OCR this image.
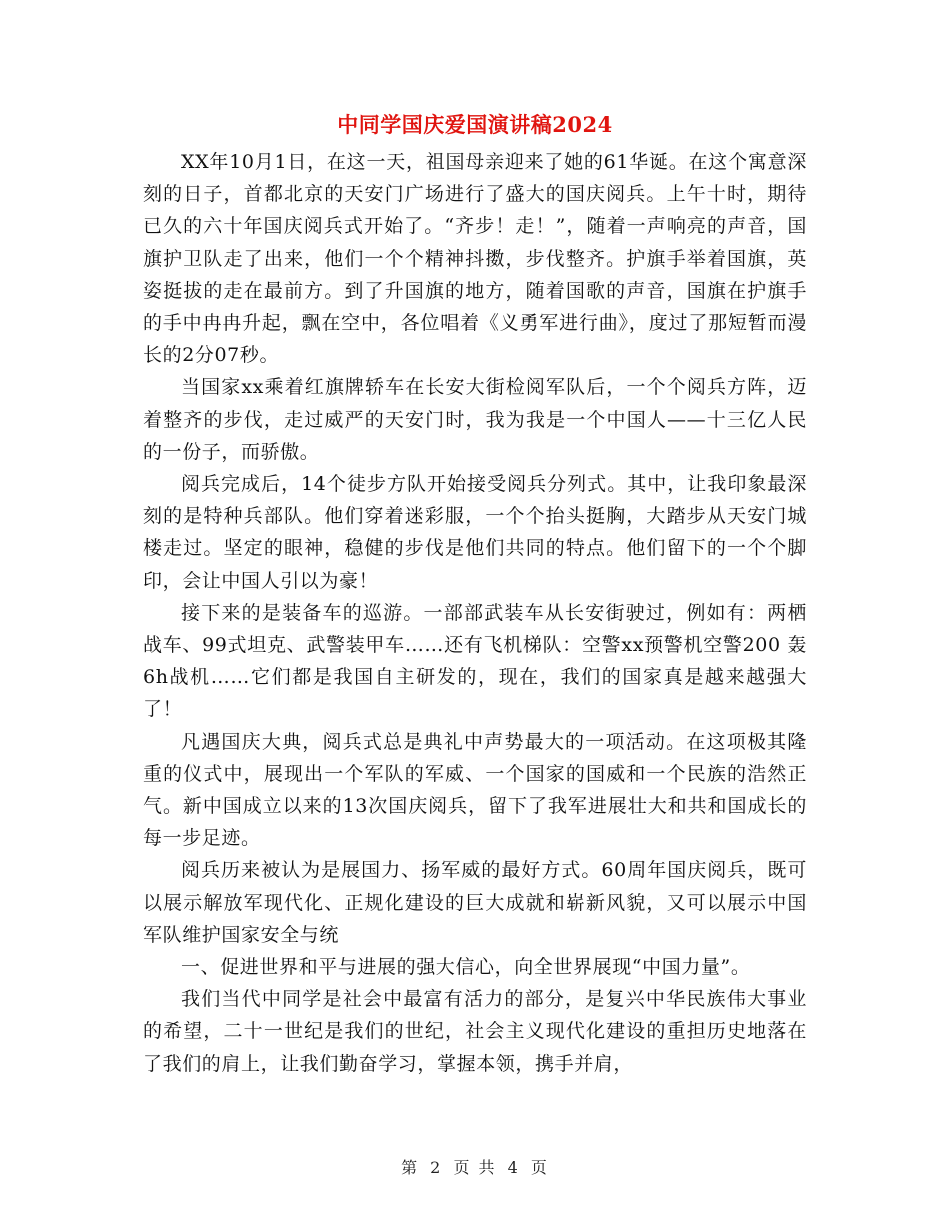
中同学国庆爱国演讲稿2024

XX年10月1日，在这一天，祖国母亲迎来了她的61华诞。在这个寓意深刻的日子，首都北京的天安门广场进行了盛大的国庆阅兵。上午十时，期待已久的六十年国庆阅兵式开始了。“齐步！走！”，随着一声响亮的声音，国旗护卫队走了出来，他们一个个精神抖擞，步伐整齐。护旗手举着国旗，英姿挺拔的走在最前方。到了升国旗的地方，随着国歌的声音，国旗在护旗手的手中冉冉升起，飘在空中，各位唱着《义勇军进行曲》，度过了那短暂而漫长的2分07秒。

当国家xx乘着红旗牌轿车在长安大街检阅军队后，一个个阅兵方阵，迈着整齐的步伐，走过威严的天安门时，我为我是一个中国人——十三亿人民的一份子，而骄傲。

阅兵完成后，14个徒步方队开始接受阅兵分列式。其中，让我印象最深刻的是特种兵部队。他们穿着迷彩服，一个个抬头挺胸，大踏步从天安门城楼走过。坚定的眼神，稳健的步伐是他们共同的特点。他们留下的一个个脚印，会让中国人引以为豪！

接下来的是装备车的巡游。一部部武装车从长安街驶过，例如有：两栖战车、99式坦克、武警装甲车……还有飞机梯队：空警xx预警机空警200 轰6h战机……它们都是我国自主研发的，现在，我们的国家真是越来越强大了！

凡遇国庆大典，阅兵式总是典礼中声势最大的一项活动。在这项极其隆重的仪式中，展现出一个军队的军威、一个国家的国威和一个民族的浩然正气。新中国成立以来的13次国庆阅兵，留下了我军进展壮大和共和国成长的每一步足迹。

阅兵历来被认为是展国力、扬军威的最好方式。60周年国庆阅兵，既可以展示解放军现代化、正规化建设的巨大成就和崭新风貌，又可以展示中国军队维护国家安全与统

一、促进世界和平与进展的强大信心，向全世界展现“中国力量”。

我们当代中同学是社会中最富有活力的部分，是复兴中华民族伟大事业的希望，二十一世纪是我们的世纪，社会主义现代化建设的重担历史地落在了我们的肩上，让我们勤奋学习，掌握本领，携手并肩，

第 2 页 共 4 页
